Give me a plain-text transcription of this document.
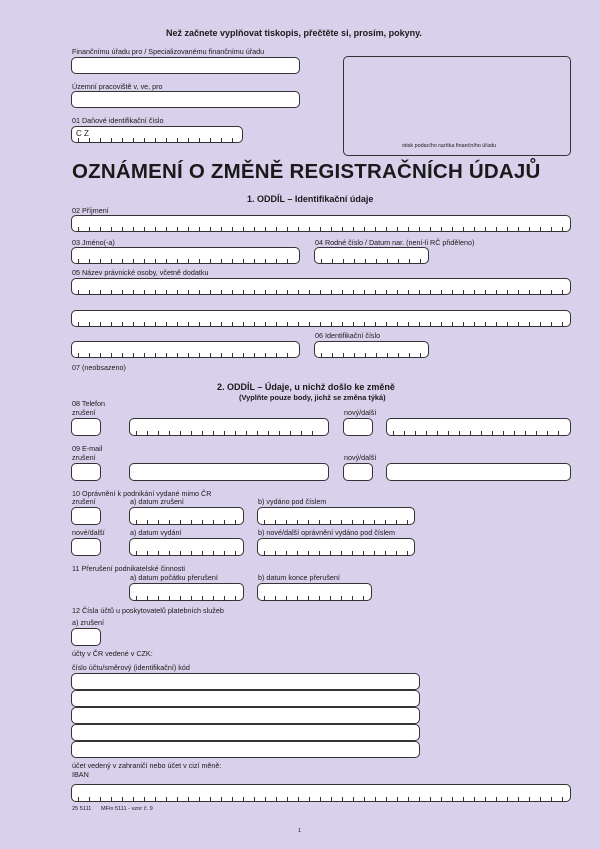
Než začnete vyplňovat tiskopis, přečtěte si, prosím, pokyny.
Finančnímu úřadu pro / Specializovanému finančnímu úřadu
Územní pracoviště v, ve, pro
01 Daňové identifikační číslo
C Z
otisk podacího razítka finančního úřadu
OZNÁMENÍ O ZMĚNĚ REGISTRAČNÍCH ÚDAJŮ
1. ODDÍL – Identifikační údaje
02 Příjmení
03 Jméno(-a)	04 Rodné číslo / Datum nar. (není-li RČ přiděleno)
05 Název právnické osoby, včetně dodatku
06 Identifikační číslo
07 (neobsazeno)
2. ODDÍL – Údaje, u nichž došlo ke změně
(Vyplňte pouze body, jichž se změna týká)
08 Telefon
zrušení	nový/další
09 E-mail
zrušení	nový/další
10 Oprávnění k podnikání vydané mimo ČR
zrušení	a) datum zrušení	b) vydáno pod číslem
nové/další	a) datum vydání	b) nové/další oprávnění vydáno pod číslem
11 Přerušení podnikatelské činnosti
a) datum počátku přerušení	b) datum konce přerušení
12 Čísla účtů u poskytovatelů platebních služeb
a) zrušení
účty v ČR vedené v CZK:
číslo účtu/směrový (identifikační) kód
účet vedený v zahraničí nebo účet v cizí měně:
IBAN
25 5111 MFin 5111 - vzor č. 9
1
